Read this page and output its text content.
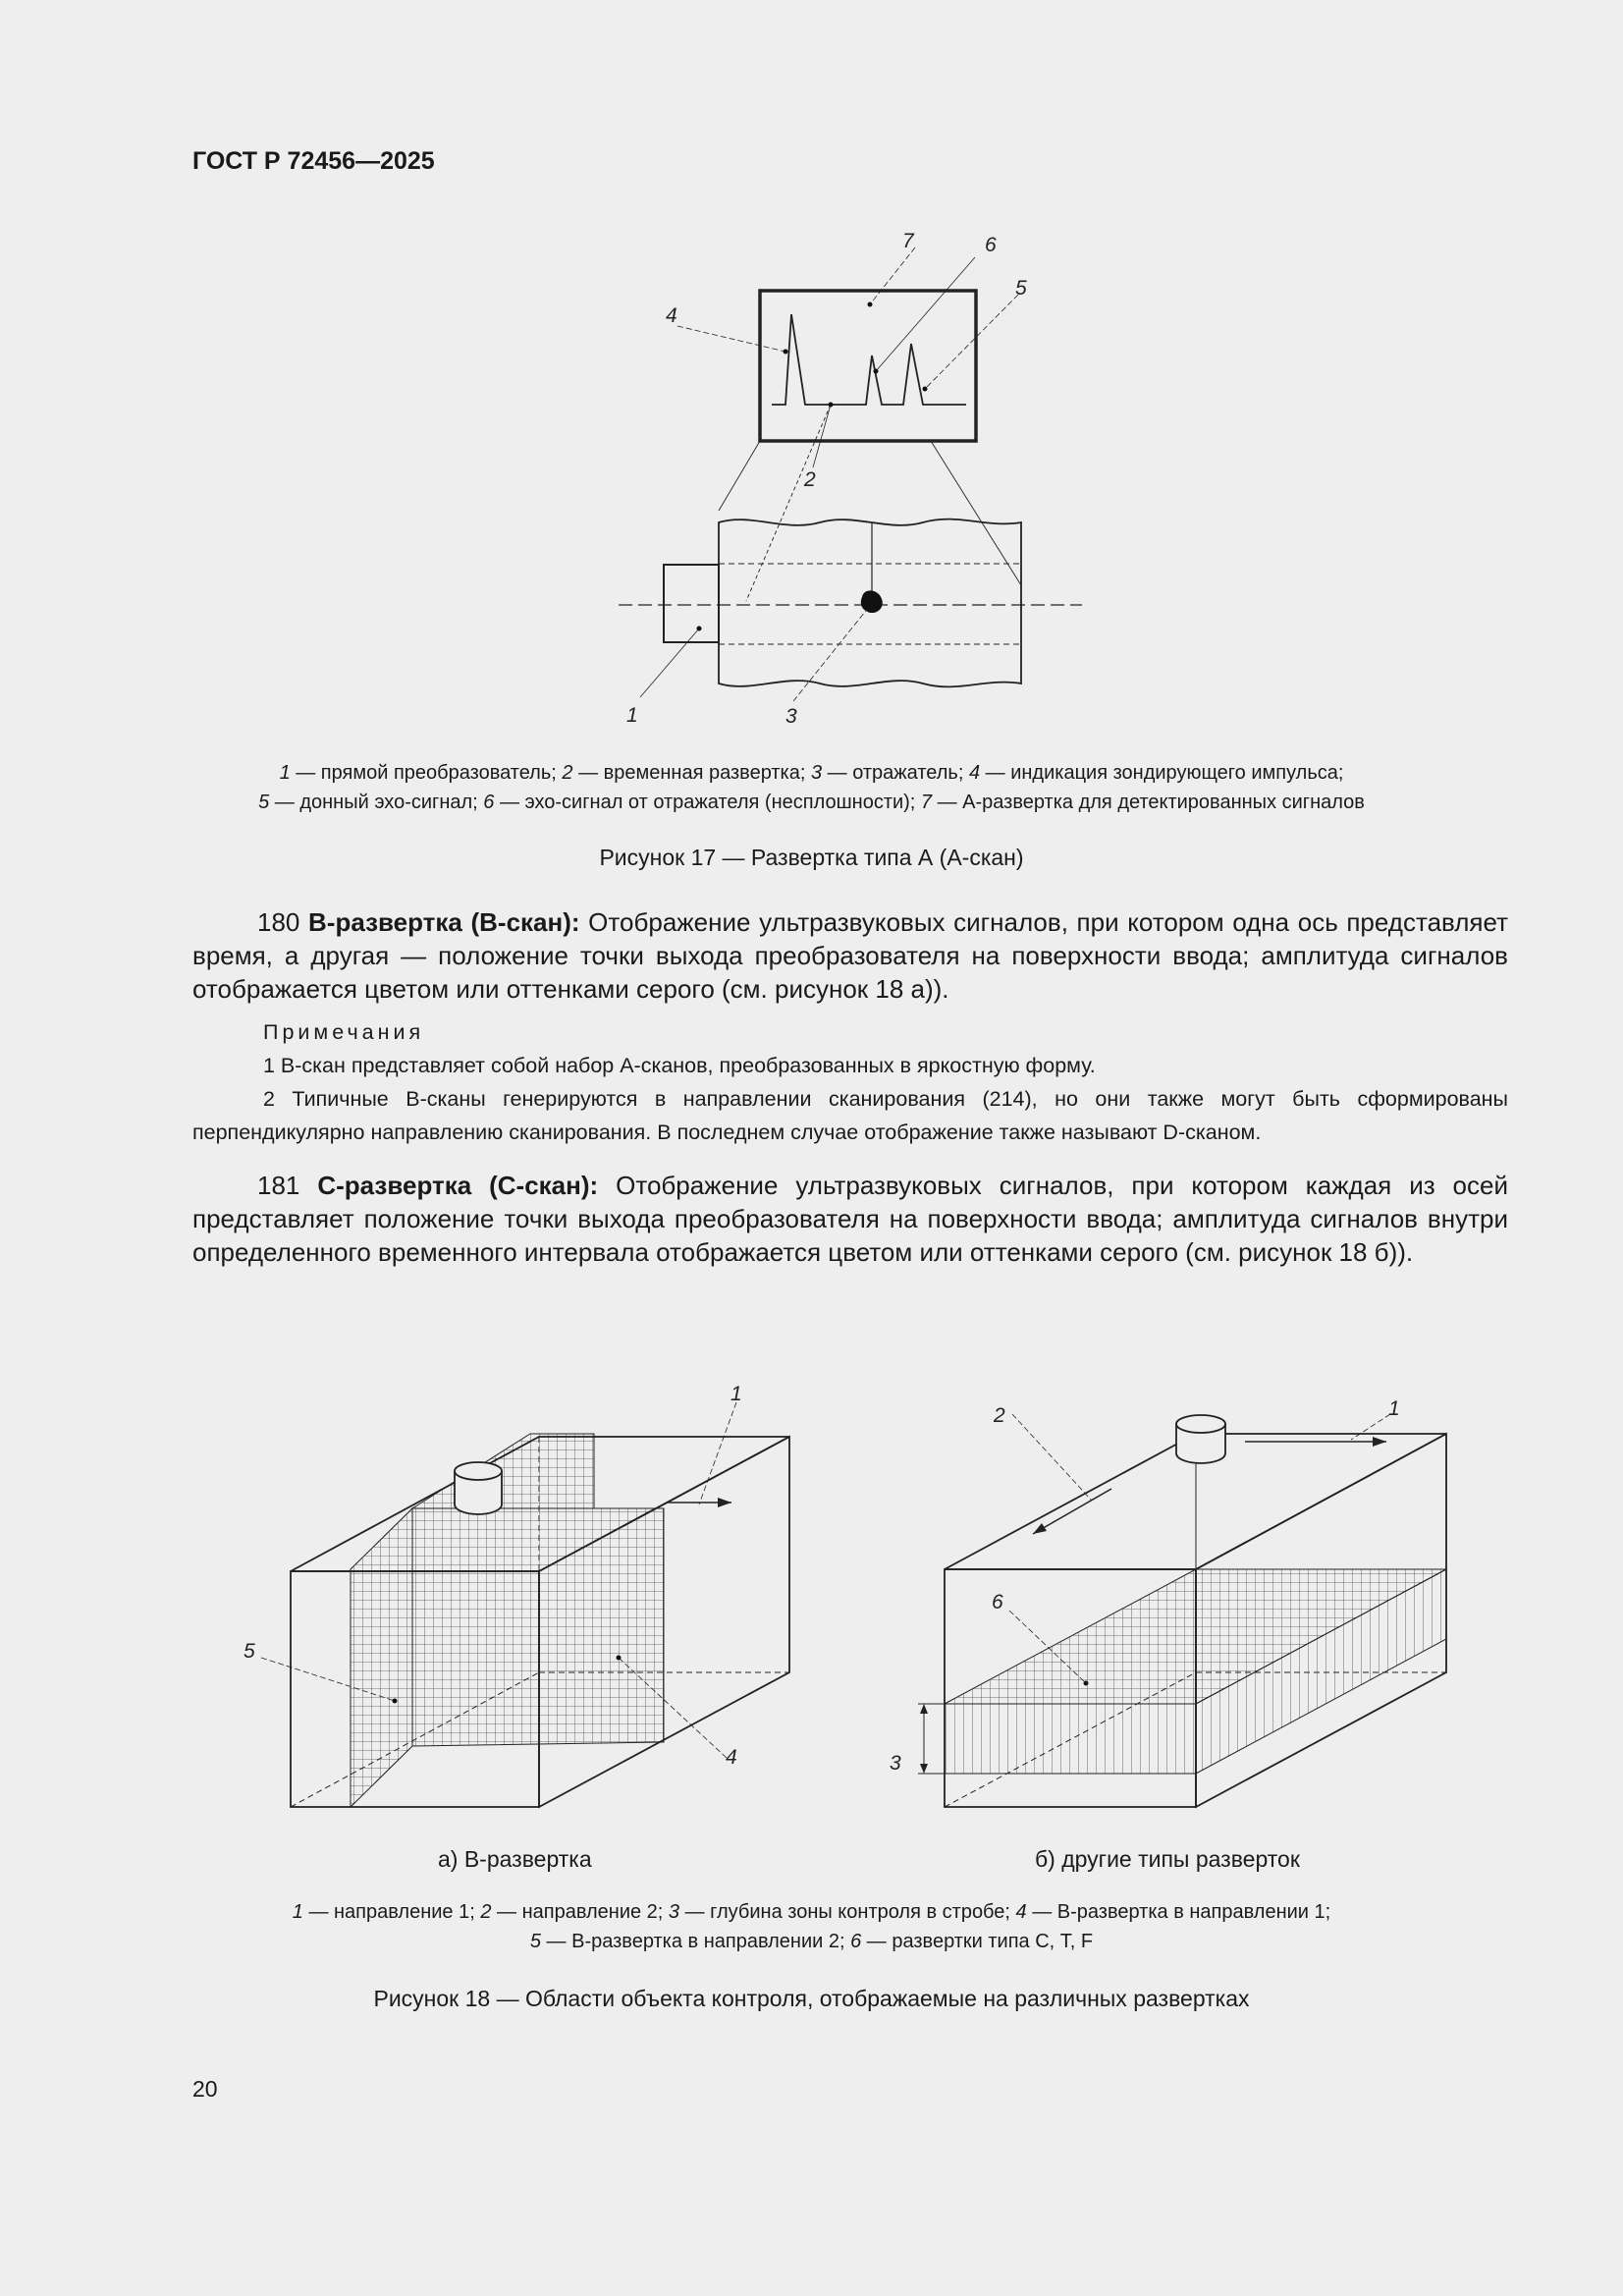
ГОСТ Р 72456—2025
1
2
3
4
5
6
7
1 — прямой преобразователь; 2 — временная развертка; 3 — отражатель; 4 — индикация зондирующего импульса;
5 — донный эхо-сигнал; 6 — эхо-сигнал от отражателя (несплошности); 7 — А-развертка для детектированных сигналов
Рисунок 17 — Развертка типа А (А-скан)
180 В-развертка (В-скан): Отображение ультразвуковых сигналов, при котором одна ось представляет время, а другая — положение точки выхода преобразователя на поверхности ввода; амплитуда сигналов отображается цветом или оттенками серого (см. рисунок 18 а)).
Примечания
1 В-скан представляет собой набор А-сканов, преобразованных в яркостную форму.
2 Типичные В-сканы генерируются в направлении сканирования (214), но они также могут быть сформированы перпендикулярно направлению сканирования. В последнем случае отображение также называют D-сканом.
181 С-развертка (С-скан): Отображение ультразвуковых сигналов, при котором каждая из осей представляет положение точки выхода преобразователя на поверхности ввода; амплитуда сигналов внутри определенного временного интервала отображается цветом или оттенками серого (см. рисунок 18 б)).
1
4
5
1
2
3
6
а) В-развертка	б) другие типы разверток
1 — направление 1; 2 — направление 2; 3 — глубина зоны контроля в стробе; 4 — В-развертка в направлении 1;
5 — В-развертка в направлении 2; 6 — развертки типа С, Т, F
Рисунок 18 — Области объекта контроля, отображаемые на различных развертках
20
